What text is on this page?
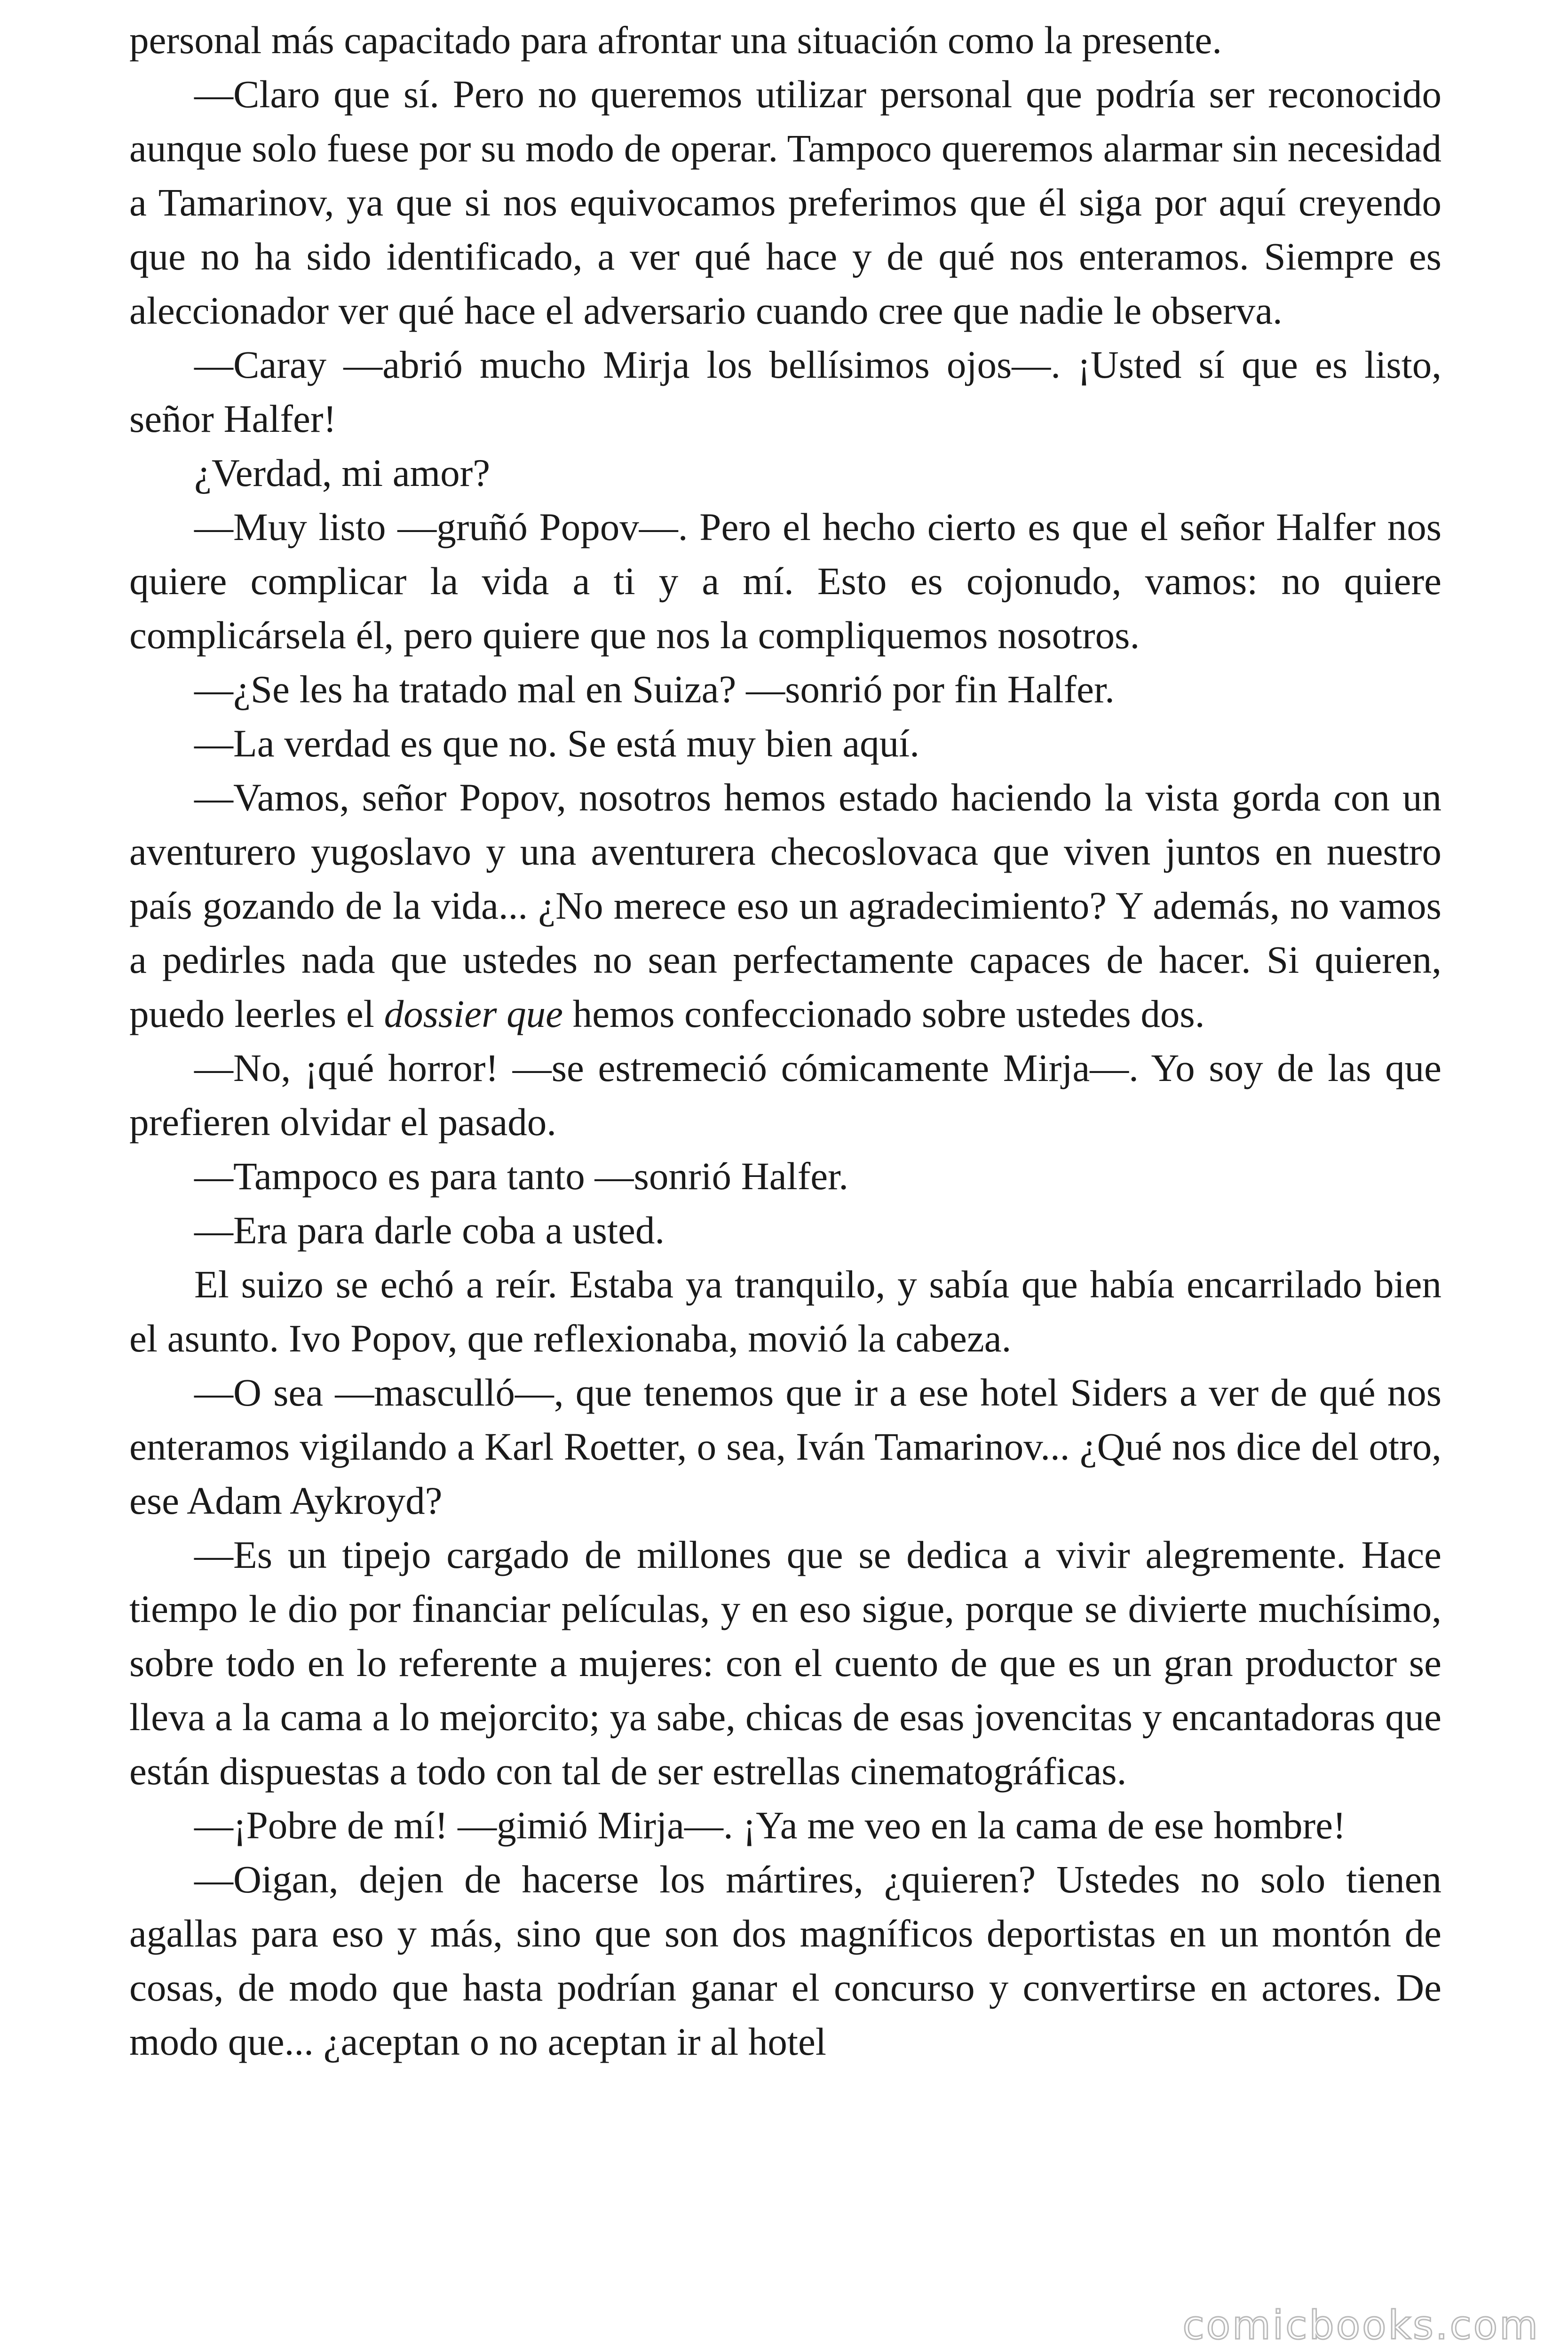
personal más capacitado para afrontar una situación como la presente.

—Claro que sí. Pero no queremos utilizar personal que podría ser reconocido aunque solo fuese por su modo de operar. Tampoco queremos alarmar sin necesidad a Tamarinov, ya que si nos equivocamos preferimos que él siga por aquí creyendo que no ha sido identificado, a ver qué hace y de qué nos enteramos. Siempre es aleccionador ver qué hace el adversario cuando cree que nadie le observa.

—Caray —abrió mucho Mirja los bellísimos ojos—. ¡Usted sí que es listo, señor Halfer!

¿Verdad, mi amor?

—Muy listo —gruñó Popov—. Pero el hecho cierto es que el señor Halfer nos quiere complicar la vida a ti y a mí. Esto es cojonudo, vamos: no quiere complicársela él, pero quiere que nos la compliquemos nosotros.

—¿Se les ha tratado mal en Suiza? —sonrió por fin Halfer.

—La verdad es que no. Se está muy bien aquí.

—Vamos, señor Popov, nosotros hemos estado haciendo la vista gorda con un aventurero yugoslavo y una aventurera checoslovaca que viven juntos en nuestro país gozando de la vida... ¿No merece eso un agradecimiento? Y además, no vamos a pedirles nada que ustedes no sean perfectamente capaces de hacer. Si quieren, puedo leerles el dossier que hemos confeccionado sobre ustedes dos.

—No, ¡qué horror! —se estremeció cómicamente Mirja—. Yo soy de las que prefieren olvidar el pasado.

—Tampoco es para tanto —sonrió Halfer.

—Era para darle coba a usted.

El suizo se echó a reír. Estaba ya tranquilo, y sabía que había encarrilado bien el asunto. Ivo Popov, que reflexionaba, movió la cabeza.

—O sea —masculló—, que tenemos que ir a ese hotel Siders a ver de qué nos enteramos vigilando a Karl Roetter, o sea, Iván Tamarinov... ¿Qué nos dice del otro, ese Adam Aykroyd?

—Es un tipejo cargado de millones que se dedica a vivir alegremente. Hace tiempo le dio por financiar películas, y en eso sigue, porque se divierte muchísimo, sobre todo en lo referente a mujeres: con el cuento de que es un gran productor se lleva a la cama a lo mejorcito; ya sabe, chicas de esas jovencitas y encantadoras que están dispuestas a todo con tal de ser estrellas cinematográficas.

—¡Pobre de mí! —gimió Mirja—. ¡Ya me veo en la cama de ese hombre!

—Oigan, dejen de hacerse los mártires, ¿quieren? Ustedes no solo tienen agallas para eso y más, sino que son dos magníficos deportistas en un montón de cosas, de modo que hasta podrían ganar el concurso y convertirse en actores. De modo que... ¿aceptan o no aceptan ir al hotel

comicbooks.com
